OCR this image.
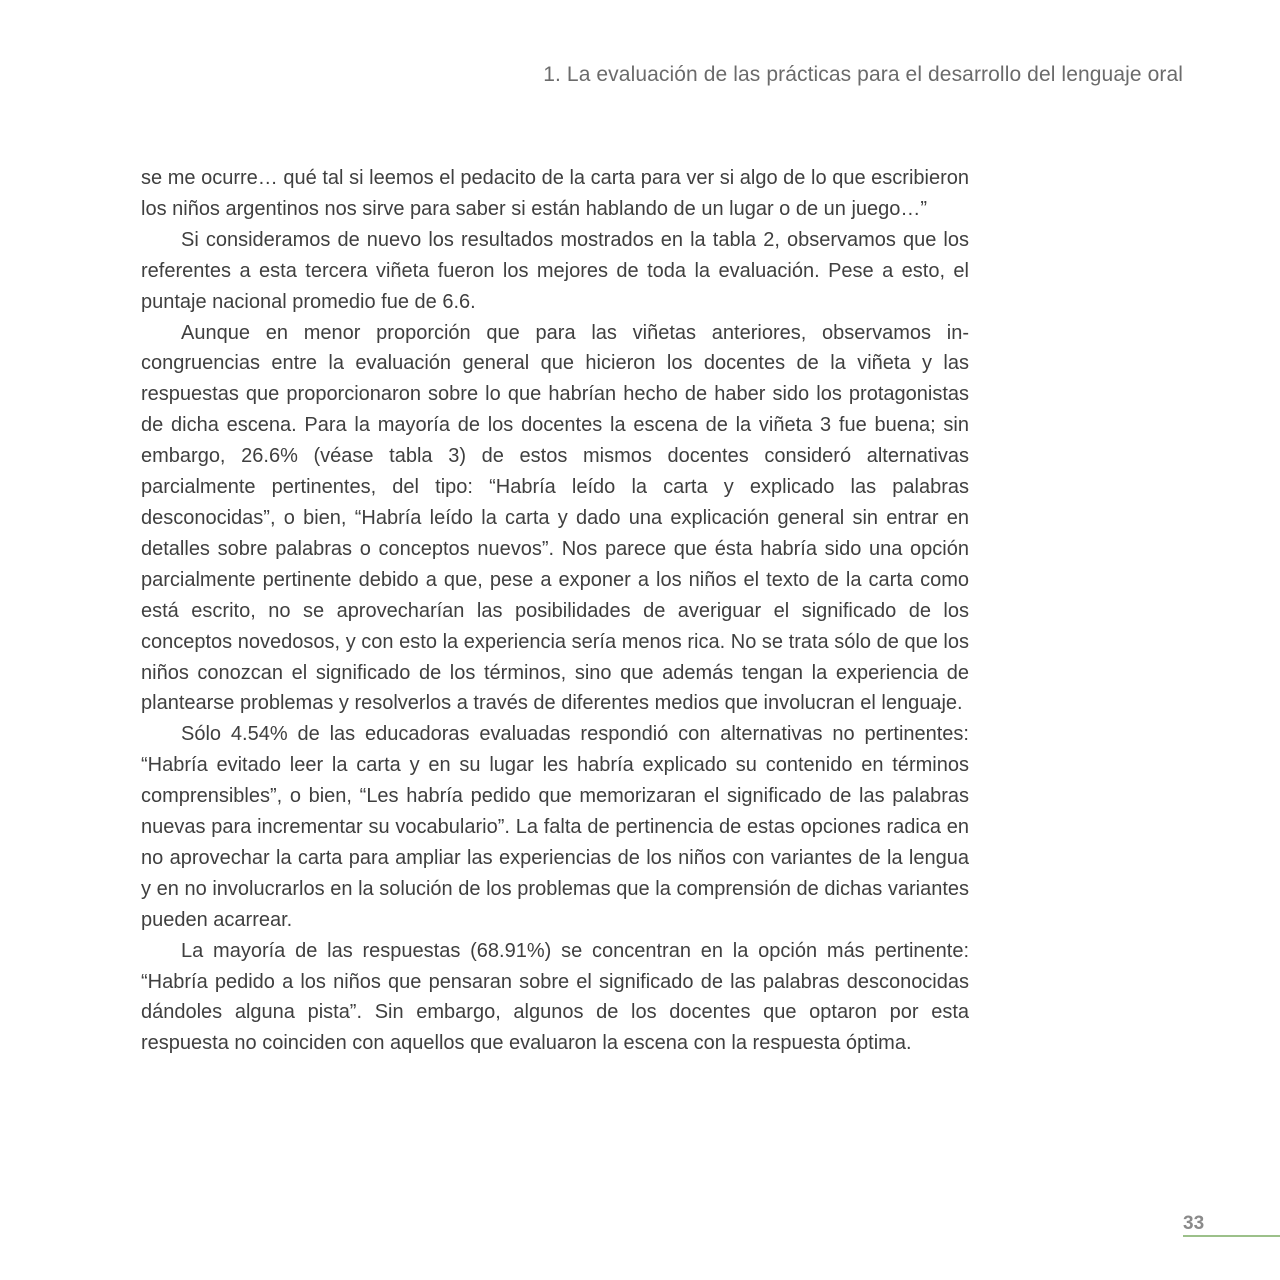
1. La evaluación de las prácticas para el desarrollo del lenguaje oral

se me ocurre… qué tal si leemos el pedacito de la carta para ver si algo de lo que escribieron los niños argentinos nos sirve para saber si están hablando de un lugar o de un juego…”

Si consideramos de nuevo los resultados mostrados en la tabla 2, observamos que los referentes a esta tercera viñeta fueron los mejores de toda la evaluación. Pese a esto, el puntaje nacional promedio fue de 6.6.

Aunque en menor proporción que para las viñetas anteriores, observamos incongruencias entre la evaluación general que hicieron los docentes de la viñeta y las respuestas que proporcionaron sobre lo que habrían hecho de haber sido los protagonistas de dicha escena. Para la mayoría de los docentes la escena de la viñeta 3 fue buena; sin embargo, 26.6% (véase tabla 3) de estos mismos docentes consideró alternativas parcialmente pertinentes, del tipo: “Habría leído la carta y explicado las palabras desconocidas”, o bien, “Habría leído la carta y dado una explicación general sin entrar en detalles sobre palabras o conceptos nuevos”. Nos parece que ésta habría sido una opción parcialmente pertinente debido a que, pese a exponer a los niños el texto de la carta como está escrito, no se aprovecharían las posibilidades de averiguar el significado de los conceptos novedosos, y con esto la experiencia sería menos rica. No se trata sólo de que los niños conozcan el significado de los términos, sino que además tengan la experiencia de plantearse problemas y resolverlos a través de diferentes medios que involucran el lenguaje.

Sólo 4.54% de las educadoras evaluadas respondió con alternativas no pertinentes: “Habría evitado leer la carta y en su lugar les habría explicado su contenido en términos comprensibles”, o bien, “Les habría pedido que memorizaran el significado de las palabras nuevas para incrementar su vocabulario”. La falta de pertinencia de estas opciones radica en no aprovechar la carta para ampliar las experiencias de los niños con variantes de la lengua y en no involucrarlos en la solución de los problemas que la comprensión de dichas variantes pueden acarrear.

La mayoría de las respuestas (68.91%) se concentran en la opción más pertinente: “Habría pedido a los niños que pensaran sobre el significado de las palabras desconocidas dándoles alguna pista”. Sin embargo, algunos de los docentes que optaron por esta respuesta no coinciden con aquellos que evaluaron la escena con la respuesta óptima.

33
